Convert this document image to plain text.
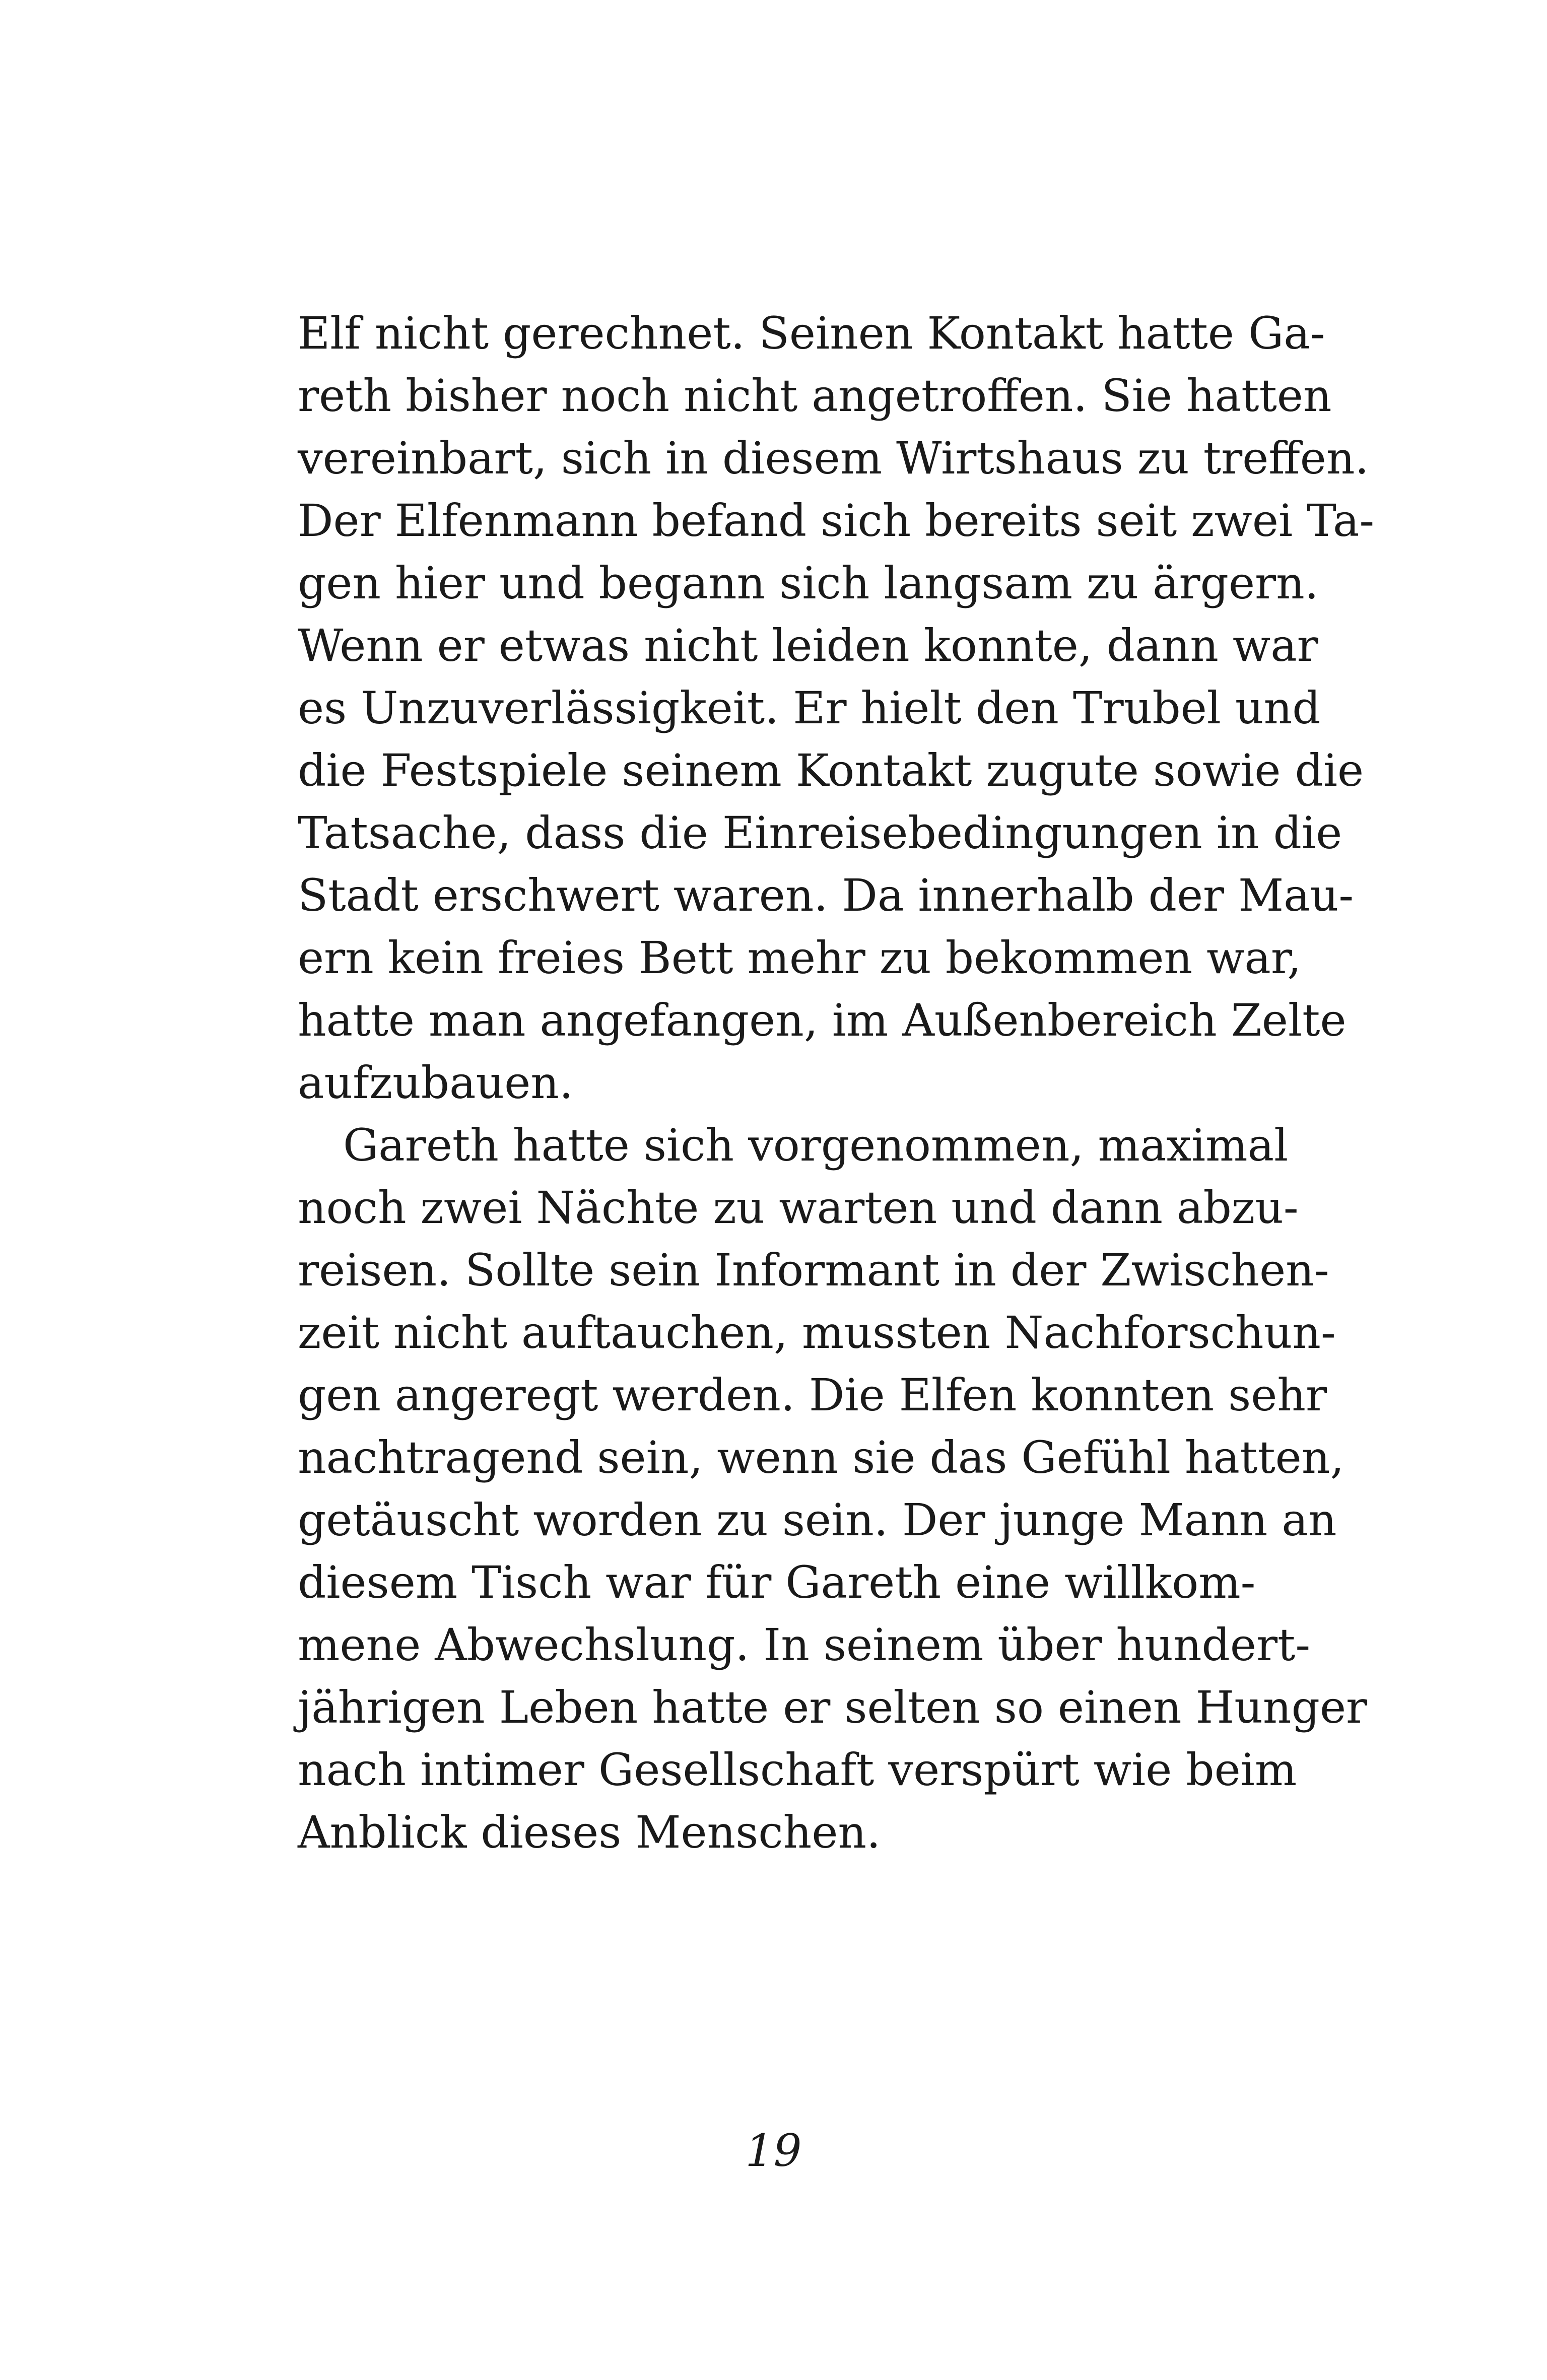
Elf nicht gerechnet. Seinen Kontakt hatte Ga-
reth bisher noch nicht angetroffen. Sie hatten
vereinbart, sich in diesem Wirtshaus zu treffen.
Der Elfenmann befand sich bereits seit zwei Ta-
gen hier und begann sich langsam zu ärgern.
Wenn er etwas nicht leiden konnte, dann war
es Unzuverlässigkeit. Er hielt den Trubel und
die Festspiele seinem Kontakt zugute sowie die
Tatsache, dass die Einreisebedingungen in die
Stadt erschwert waren. Da innerhalb der Mau-
ern kein freies Bett mehr zu bekommen war,
hatte man angefangen, im Außenbereich Zelte
aufzubauen.
Gareth hatte sich vorgenommen, maximal
noch zwei Nächte zu warten und dann abzu-
reisen. Sollte sein Informant in der Zwischen-
zeit nicht auftauchen, mussten Nachforschun-
gen angeregt werden. Die Elfen konnten sehr
nachtragend sein, wenn sie das Gefühl hatten,
getäuscht worden zu sein. Der junge Mann an
diesem Tisch war für Gareth eine willkom-
mene Abwechslung. In seinem über hundert-
jährigen Leben hatte er selten so einen Hunger
nach intimer Gesellschaft verspürt wie beim
Anblick dieses Menschen.
19
